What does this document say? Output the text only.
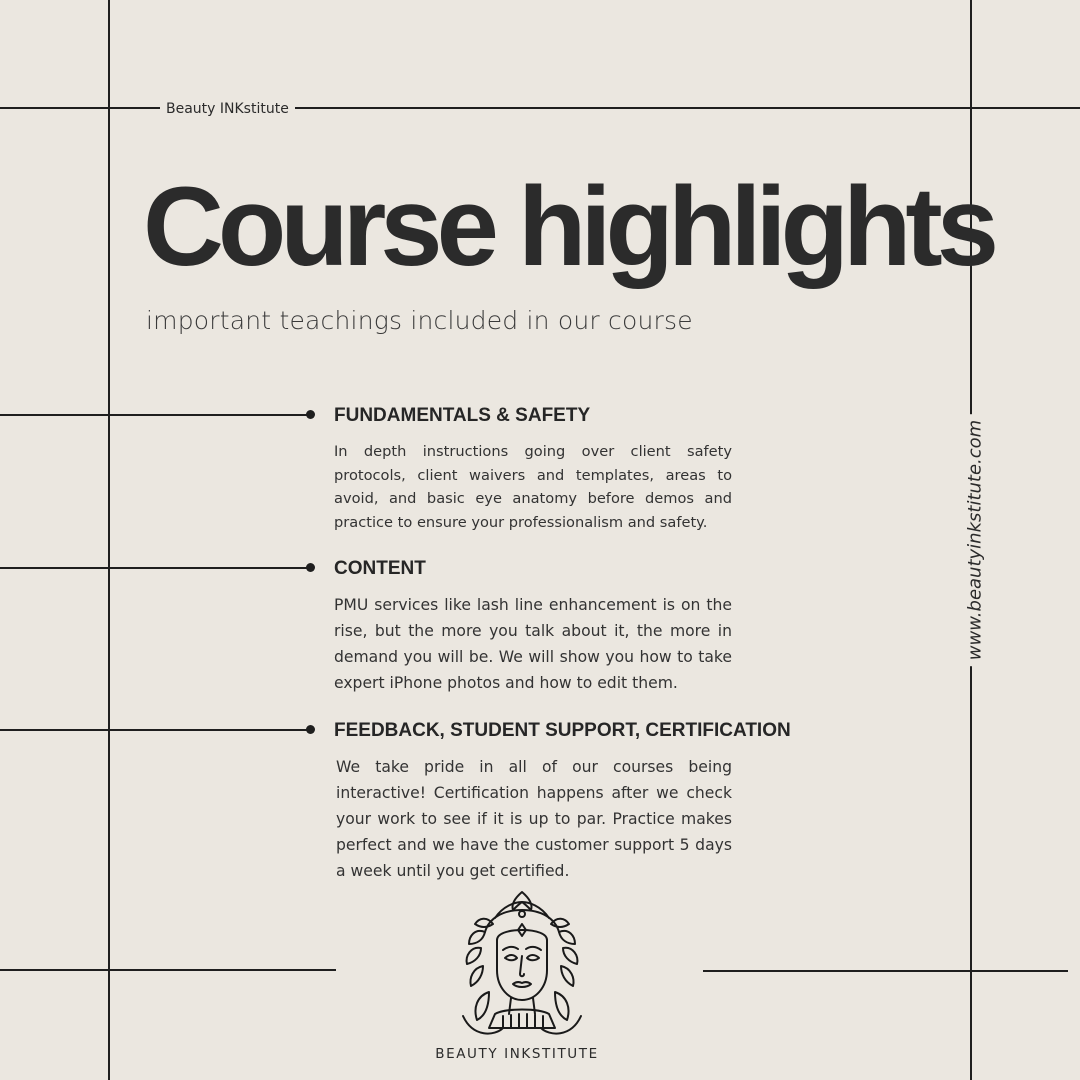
Beauty INKstitute
Course highlights
important teachings included in our course
FUNDAMENTALS & SAFETY
In depth instructions going over client safety protocols, client waivers and templates, areas to avoid, and basic eye anatomy before demos and practice to ensure your professionalism and safety.
CONTENT
PMU services like lash line enhancement is on the rise, but the more you talk about it, the more in demand you will be. We will show you how to take expert iPhone photos and how to edit them.
FEEDBACK, STUDENT SUPPORT, CERTIFICATION
We take pride in all of our courses being interactive! Certification happens after we check your work to see if it is up to par. Practice makes perfect and we have the customer support 5 days a week until you get certified.
www.beautyinkstitute.com
BEAUTY INKSTITUTE
